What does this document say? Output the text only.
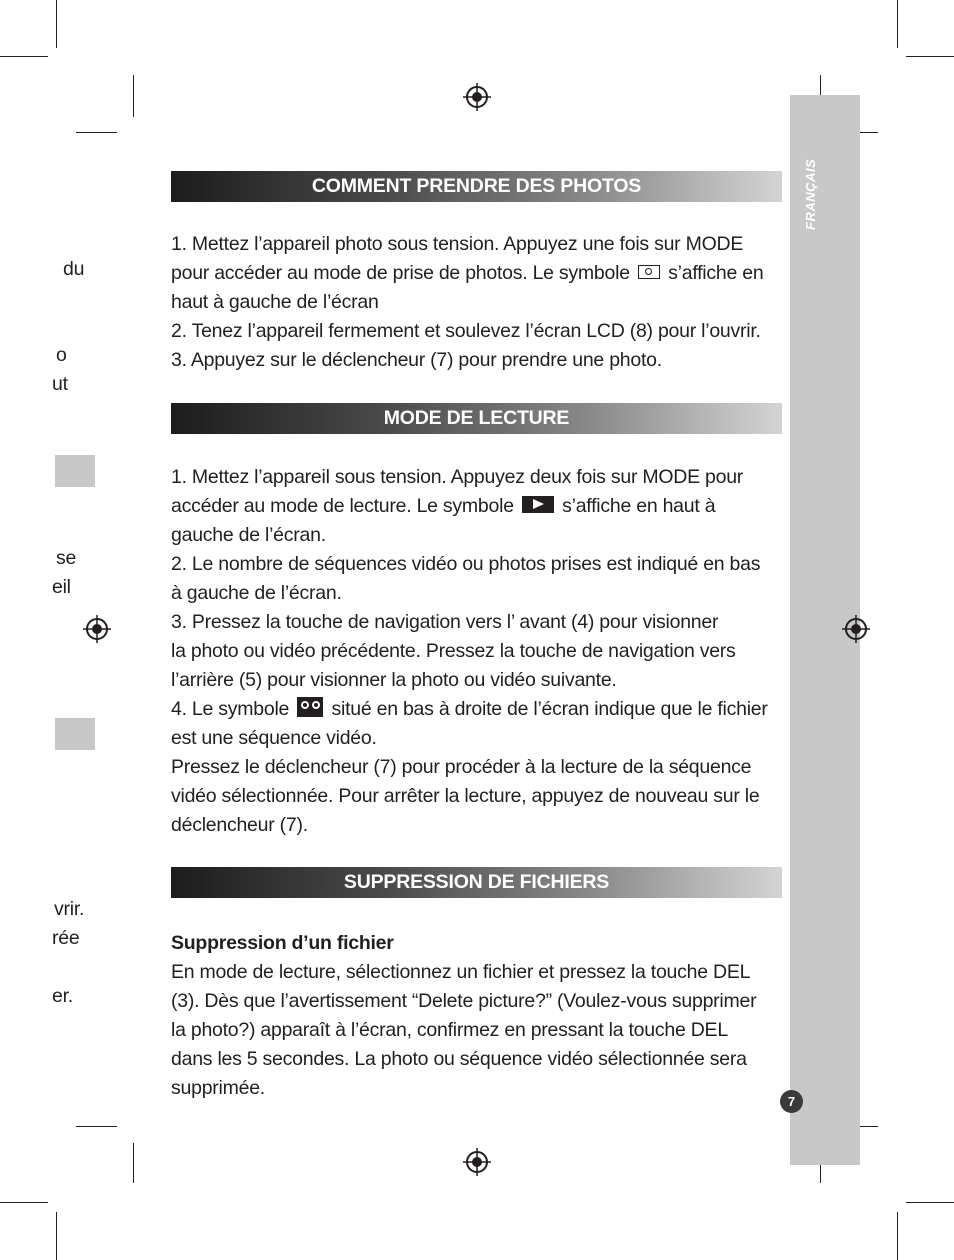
FRANÇAIS
7
du
o
ut
se
eil
vrir.
rée
er.
COMMENT PRENDRE DES PHOTOS

1. Mettez l’appareil photo sous tension. Appuyez une fois sur MODE

pour accéder au mode de prise de photos. Le symbole  s’affiche en

haut à gauche de l’écran

2. Tenez l’appareil fermement et soulevez l’écran LCD (8) pour l’ouvrir.

3. Appuyez sur le déclencheur (7) pour prendre une photo.

MODE DE LECTURE

1. Mettez l’appareil sous tension. Appuyez deux fois sur MODE pour

accéder au mode de lecture. Le symbole  s’affiche en haut à

gauche de l’écran.

2. Le nombre de séquences vidéo ou photos prises est indiqué en bas

à gauche de l’écran.

3. Pressez la touche de navigation vers l’ avant (4) pour visionner

la photo ou vidéo précédente. Pressez la touche de navigation vers

l’arrière (5) pour visionner la photo ou vidéo suivante.

4. Le symbole  situé en bas à droite de l’écran indique que le fichier

est une séquence vidéo.

Pressez le déclencheur (7) pour procéder à la lecture de la séquence

vidéo sélectionnée. Pour arrêter la lecture, appuyez de nouveau sur le

déclencheur (7).

SUPPRESSION DE FICHIERS

Suppression d’un fichier

En mode de lecture, sélectionnez un fichier et pressez la touche DEL

(3). Dès que l’avertissement “Delete picture?” (Voulez-vous supprimer

la photo?) apparaît à l’écran, confirmez en pressant la touche DEL

dans les 5 secondes. La photo ou séquence vidéo sélectionnée sera

supprimée.
